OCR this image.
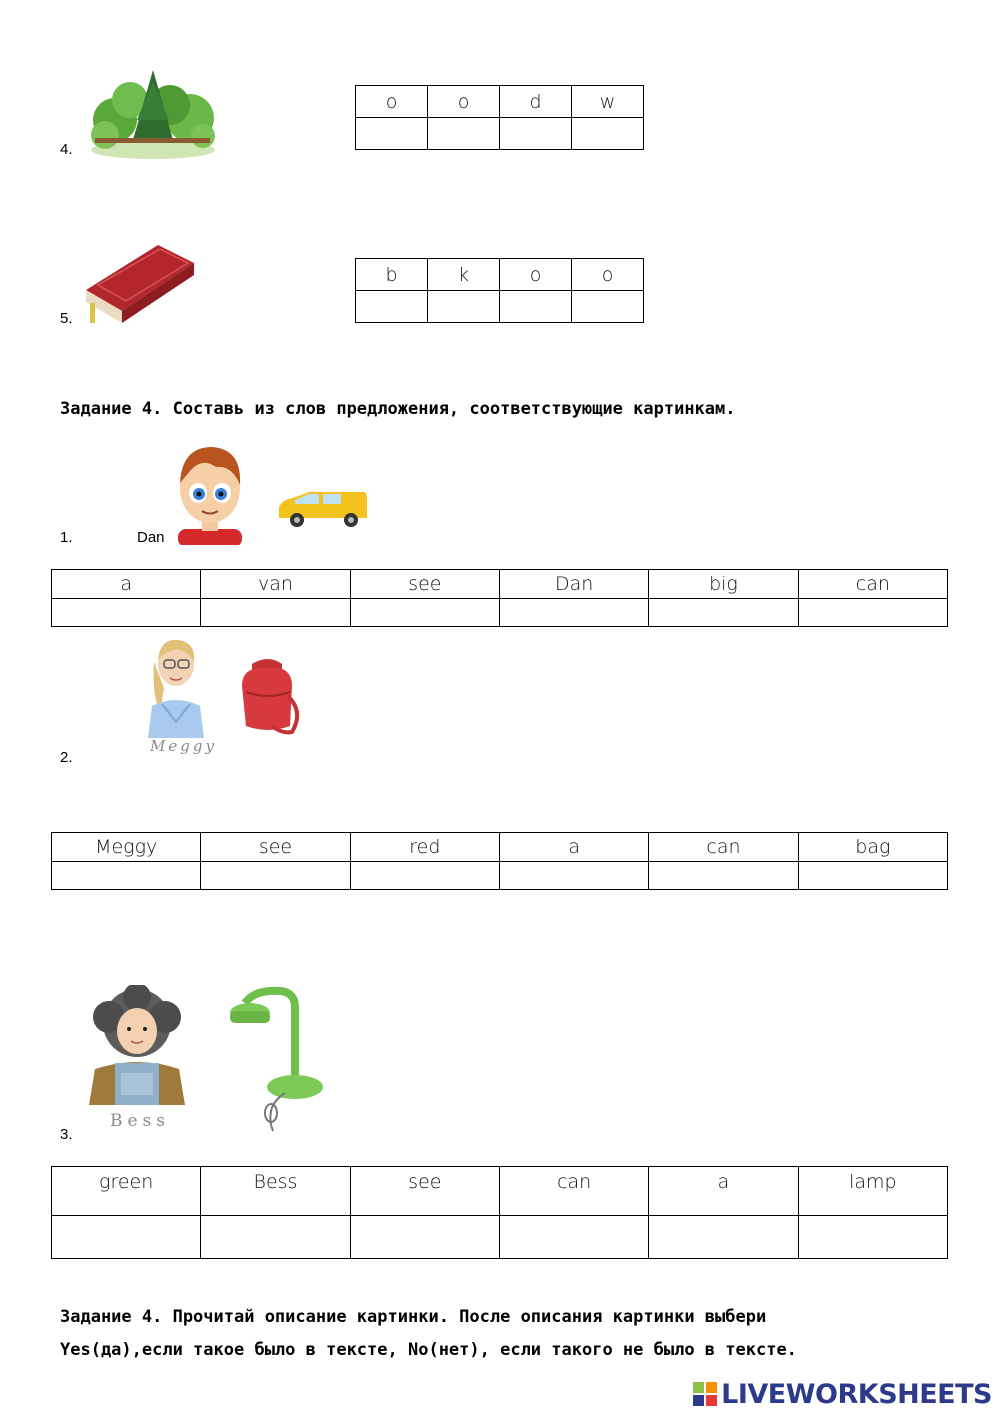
4.
o	o	d	w

5.
b	k	o	o

Задание 4. Составь из слов предложения, соответствующие картинкам.
1.	Dan
a	van	see	Dan	big	can

2.
Meggy
Meggy	see	red	a	can	bag

3.
Bess
green	Bess	see	can	a	lamp

Задание 4. Прочитай описание картинки. После описания картинки выбери
Yes(да),если такое было в тексте, No(нет), если такого не было в тексте.
LIVEWORKSHEETS
